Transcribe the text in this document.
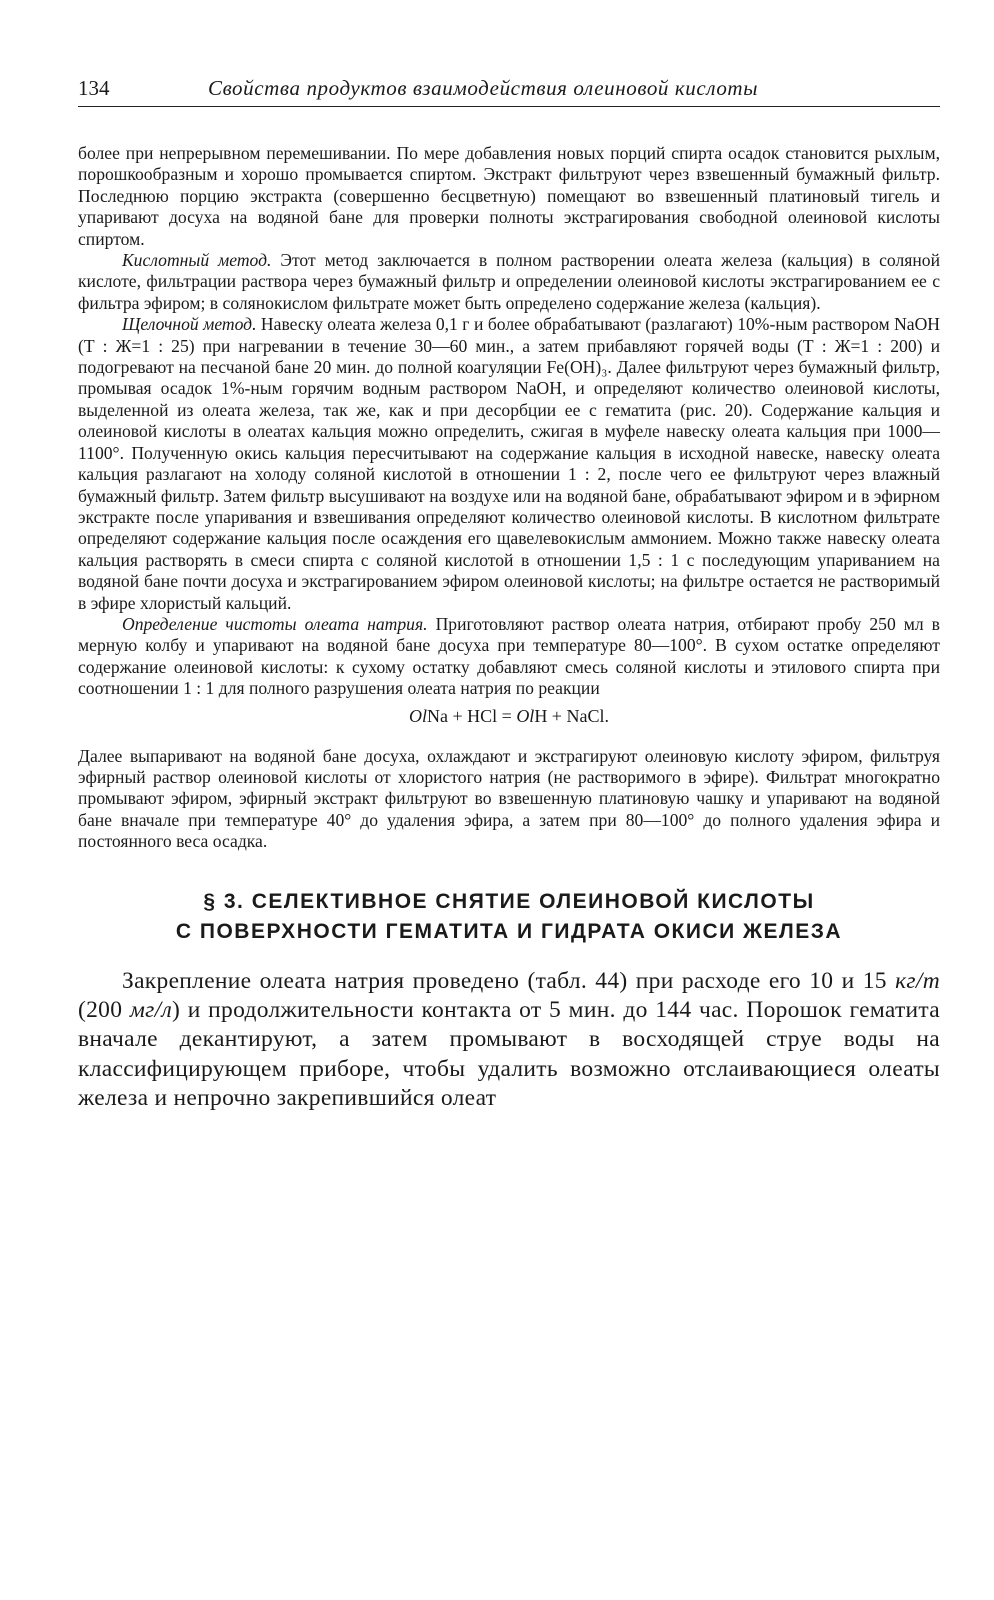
134	Свойства продуктов взаимодействия олеиновой кислоты

более при непрерывном перемешивании. По мере добавления новых порций спирта осадок становится рыхлым, порошкообразным и хорошо промывается спиртом. Экстракт фильтруют через взвешенный бумажный фильтр. Последнюю порцию экстракта (совершенно бесцветную) помещают во взвешенный платиновый тигель и упаривают досуха на водяной бане для проверки полноты экстрагирования свободной олеиновой кислоты спиртом.

Кислотный метод. Этот метод заключается в полном растворении олеата железа (кальция) в соляной кислоте, фильтрации раствора через бумажный фильтр и определении олеиновой кислоты экстрагированием ее с фильтра эфиром; в солянокислом фильтрате может быть определено содержание железа (кальция).

Щелочной метод. Навеску олеата железа 0,1 г и более обрабатывают (разлагают) 10%-ным раствором NaOH (Т : Ж=1 : 25) при нагревании в течение 30—60 мин., а затем прибавляют горячей воды (Т : Ж=1 : 200) и подогревают на песчаной бане 20 мин. до полной коагуляции Fe(OH)₃. Далее фильтруют через бумажный фильтр, промывая осадок 1%-ным горячим водным раствором NaOH, и определяют количество олеиновой кислоты, выделенной из олеата железа, так же, как и при десорбции ее с гематита (рис. 20). Содержание кальция и олеиновой кислоты в олеатах кальция можно определить, сжигая в муфеле навеску олеата кальция при 1000—1100°. Полученную окись кальция пересчитывают на содержание кальция в исходной навеске, навеску олеата кальция разлагают на холоду соляной кислотой в отношении 1 : 2, после чего ее фильтруют через влажный бумажный фильтр. Затем фильтр высушивают на воздухе или на водяной бане, обрабатывают эфиром и в эфирном экстракте после упаривания и взвешивания определяют количество олеиновой кислоты. В кислотном фильтрате определяют содержание кальция после осаждения его щавелевокислым аммонием. Можно также навеску олеата кальция растворять в смеси спирта с соляной кислотой в отношении 1,5 : 1 с последующим упариванием на водяной бане почти досуха и экстрагированием эфиром олеиновой кислоты; на фильтре остается не растворимый в эфире хлористый кальций.

Определение чистоты олеата натрия. Приготовляют раствор олеата натрия, отбирают пробу 250 мл в мерную колбу и упаривают на водяной бане досуха при температуре 80—100°. В сухом остатке определяют содержание олеиновой кислоты: к сухому остатку добавляют смесь соляной кислоты и этилового спирта при соотношении 1 : 1 для полного разрушения олеата натрия по реакции

OlNa + HCl = OlH + NaCl.

Далее выпаривают на водяной бане досуха, охлаждают и экстрагируют олеиновую кислоту эфиром, фильтруя эфирный раствор олеиновой кислоты от хлористого натрия (не растворимого в эфире). Фильтрат многократно промывают эфиром, эфирный экстракт фильтруют во взвешенную платиновую чашку и упаривают на водяной бане вначале при температуре 40° до удаления эфира, а затем при 80—100° до полного удаления эфира и постоянного веса осадка.

§ 3. СЕЛЕКТИВНОЕ СНЯТИЕ ОЛЕИНОВОЙ КИСЛОТЫ
С ПОВЕРХНОСТИ ГЕМАТИТА И ГИДРАТА ОКИСИ ЖЕЛЕЗА

Закрепление олеата натрия проведено (табл. 44) при расходе его 10 и 15 кг/т (200 мг/л) и продолжительности контакта от 5 мин. до 144 час. Порошок гематита вначале декантируют, а затем промывают в восходящей струе воды на классифицирующем приборе, чтобы удалить возможно отслаивающиеся олеаты железа и непрочно закрепившийся олеат
